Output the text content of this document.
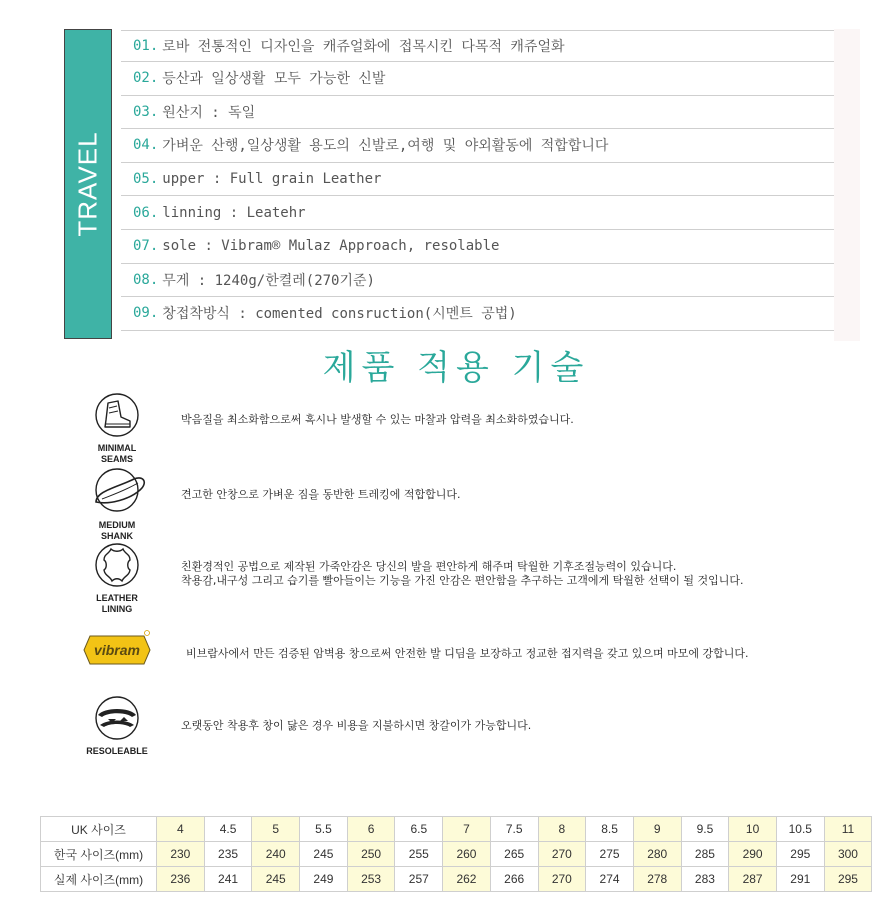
TRAVEL
01. 로바 전통적인 디자인을 캐쥬얼화에 접목시킨 다목적 캐쥬얼화
02. 등산과 일상생활 모두 가능한 신발
03. 원산지 : 독일
04. 가벼운 산행,일상생활 용도의 신발로,여행 및 야외활동에 적합합니다
05. upper : Full grain Leather
06. linning : Leatehr
07. sole : Vibram® Mulaz Approach, resolable
08. 무게 : 1240g/한켤레(270기준)
09. 창접착방식 : comented consruction(시멘트 공법)
제품 적용 기술
MINIMAL
SEAMS
박음질을 최소화함으로써 혹시나 발생할 수 있는 마찰과 압력을 최소화하였습니다.
MEDIUM
SHANK
견고한 안창으로 가벼운 짐을 동반한 트레킹에 적합합니다.
LEATHER
LINING
친환경적인 공법으로 제작된 가죽안감은 당신의 발을 편안하게 해주며 탁월한 기후조절능력이 있습니다.
착용감,내구성 그리고 습기를 빨아들이는 기능을 가진 안감은 편안함을 추구하는 고객에게 탁월한 선택이 될 것입니다.
vibram	비브람사에서 만든 검증된 암벽용 창으로써 안전한 발 디딤을 보장하고 정교한 접지력을 갖고 있으며 마모에 강합니다.
RESOLEABLE
오랫동안 착용후 창이 닳은 경우 비용을 지불하시면 창갈이가 가능합니다.
UK 사이즈	4	4.5	5	5.5	6	6.5	7	7.5	8	8.5	9	9.5	10	10.5	11
한국 사이즈(mm)	230	235	240	245	250	255	260	265	270	275	280	285	290	295	300
실제 사이즈(mm)	236	241	245	249	253	257	262	266	270	274	278	283	287	291	295
